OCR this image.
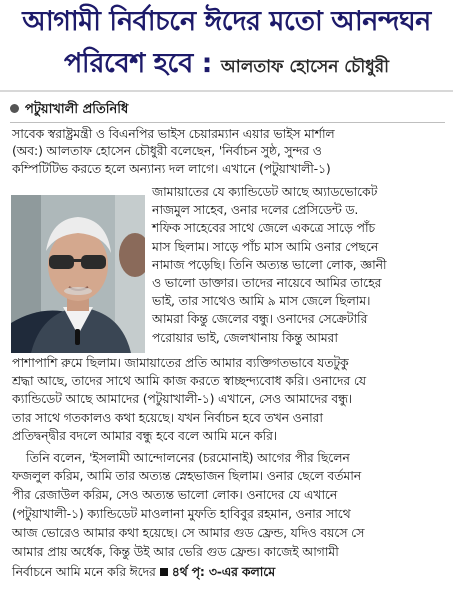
আগামী নির্বাচনে ঈদের মতো আনন্দঘন
পরিবেশ হবে : আলতাফ হোসেন চৌধুরী
পটুয়াখালী প্রতিনিধি
সাবেক স্বরাষ্ট্রমন্ত্রী ও বিএনপির ভাইস চেয়ারম্যান এয়ার ভাইস মার্শাল
(অব:) আলতাফ হোসেন চৌধুরী বলেছেন, 'নির্বাচন সুষ্ঠ, সুন্দর ও
কম্পিটিটিভ করতে হলে অন্যান্য দল লাগে। এখানে (পটুয়াখালী-১)
জামায়াতের যে ক্যান্ডিডেট আছে অ্যাডভোকেট
নাজমুল সাহেব, ওনার দলের প্রেসিডেন্ট ড.
শফিক সাহেবের সাথে জেলে একত্রে সাড়ে পাঁচ
মাস ছিলাম। সাড়ে পাঁচ মাস আমি ওনার পেছনে
নামাজ পড়েছি। তিনি অত্যন্ত ভালো লোক, জ্ঞানী
ও ভালো ডাক্তার। তাদের নায়েবে আমির তাহের
ভাই, তার সাথেও আমি ৯ মাস জেলে ছিলাম।
আমরা কিন্তু জেলের বন্ধু। ওনাদের সেক্রেটারি
পরোয়ার ভাই, জেলখানায় কিন্তু আমরা
পাশাপাশি রুমে ছিলাম। জামায়াতের প্রতি আমার ব্যক্তিগতভাবে যতটুকু
শ্রদ্ধা আছে, তাদের সাথে আমি কাজ করতে স্বাচ্ছন্দ্যবোধ করি। ওনাদের যে
ক্যান্ডিডেট আছে আমাদের (পটুয়াখালী-১) এখানে, সেও আমাদের বন্ধু।
তার সাথে গতকালও কথা হয়েছে। যখন নির্বাচন হবে তখন ওনারা
প্রতিদ্বন্দ্বীর বদলে আমার বন্ধু হবে বলে আমি মনে করি।
তিনি বলেন, 'ইসলামী আন্দোলনের (চরমোনাই) আগের পীর ছিলেন
ফজলুল করিম, আমি তার অত্যন্ত স্নেহভাজন ছিলাম। ওনার ছেলে বর্তমান
পীর রেজাউল করিম, সেও অত্যন্ত ভালো লোক। ওনাদের যে এখানে
(পটুয়াখালী-১) ক্যান্ডিডেট মাওলানা মুফতি হাবিবুর রহমান, ওনার সাথে
আজ ভোরেও আমার কথা হয়েছে। সে আমার গুড ফ্রেন্ড, যদিও বয়সে সে
আমার প্রায় অর্ধেক, কিন্তু উই আর ভেরি গুড ফ্রেন্ড। কাজেই আগামী
নির্বাচনে আমি মনে করি ঈদের ৪র্থ পৃ: ৩-এর কলামে
